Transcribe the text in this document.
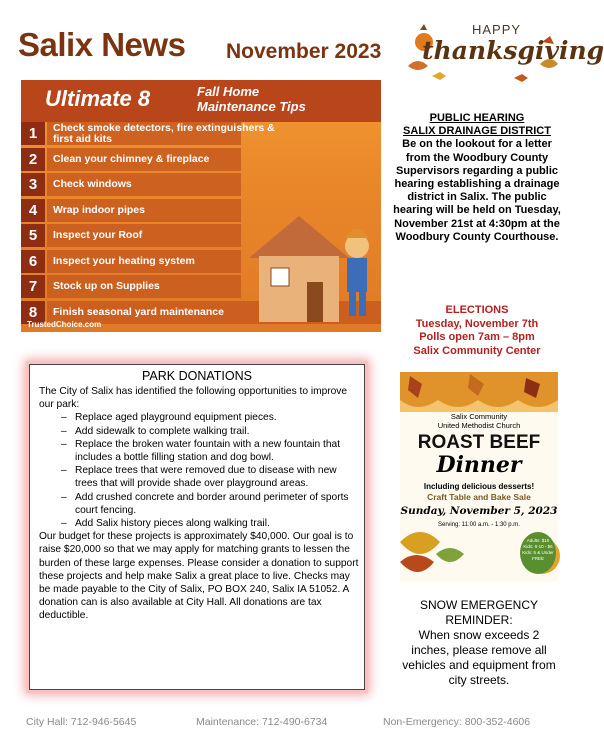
Salix News November 2023
HAPPY
thanksgiving
Ultimate 8	Fall Home
Maintenance Tips
1	Check smoke detectors, fire extinguishers & first aid kits
2	Clean your chimney & fireplace
3	Check windows
4	Wrap indoor pipes
5	Inspect your Roof
6	Inspect your heating system
7	Stock up on Supplies
8	Finish seasonal yard maintenance
TrustedChoice.com
PUBLIC HEARING
SALIX DRAINAGE DISTRICT
Be on the lookout for a letter from the Woodbury County Supervisors regarding a public hearing establishing a drainage district in Salix. The public hearing will be held on Tuesday, November 21st at 4:30pm at the Woodbury County Courthouse.
ELECTIONS
Tuesday, November 7th
Polls open 7am – 8pm
Salix Community Center
Salix Community
United Methodist Church
ROAST BEEF
Dinner
Including delicious desserts!
Craft Table and Bake Sale
Sunday, November 5, 2023
Serving: 11:00 a.m. - 1:30 p.m.
Adults: $10
Kids: 6-10 - $6
Kids: 5 & Under
FREE
PARK DONATIONS
The City of Salix has identified the following opportunities to improve our park:
– Replace aged playground equipment pieces.
– Add sidewalk to complete walking trail.
– Replace the broken water fountain with a new fountain that includes a bottle filling station and dog bowl.
– Replace trees that were removed due to disease with new trees that will provide shade over playground areas.
– Add crushed concrete and border around perimeter of sports court fencing.
– Add Salix history pieces along walking trail.
Our budget for these projects is approximately $40,000. Our goal is to raise $20,000 so that we may apply for matching grants to lessen the burden of these large expenses. Please consider a donation to support these projects and help make Salix a great place to live. Checks may be made payable to the City of Salix, PO BOX 240, Salix IA 51052. A donation can is also available at City Hall. All donations are tax deductible.
SNOW EMERGENCY REMINDER:
When snow exceeds 2 inches, please remove all vehicles and equipment from city streets.
City Hall: 712-946-5645	Maintenance: 712-490-6734	Non-Emergency: 800-352-4606
